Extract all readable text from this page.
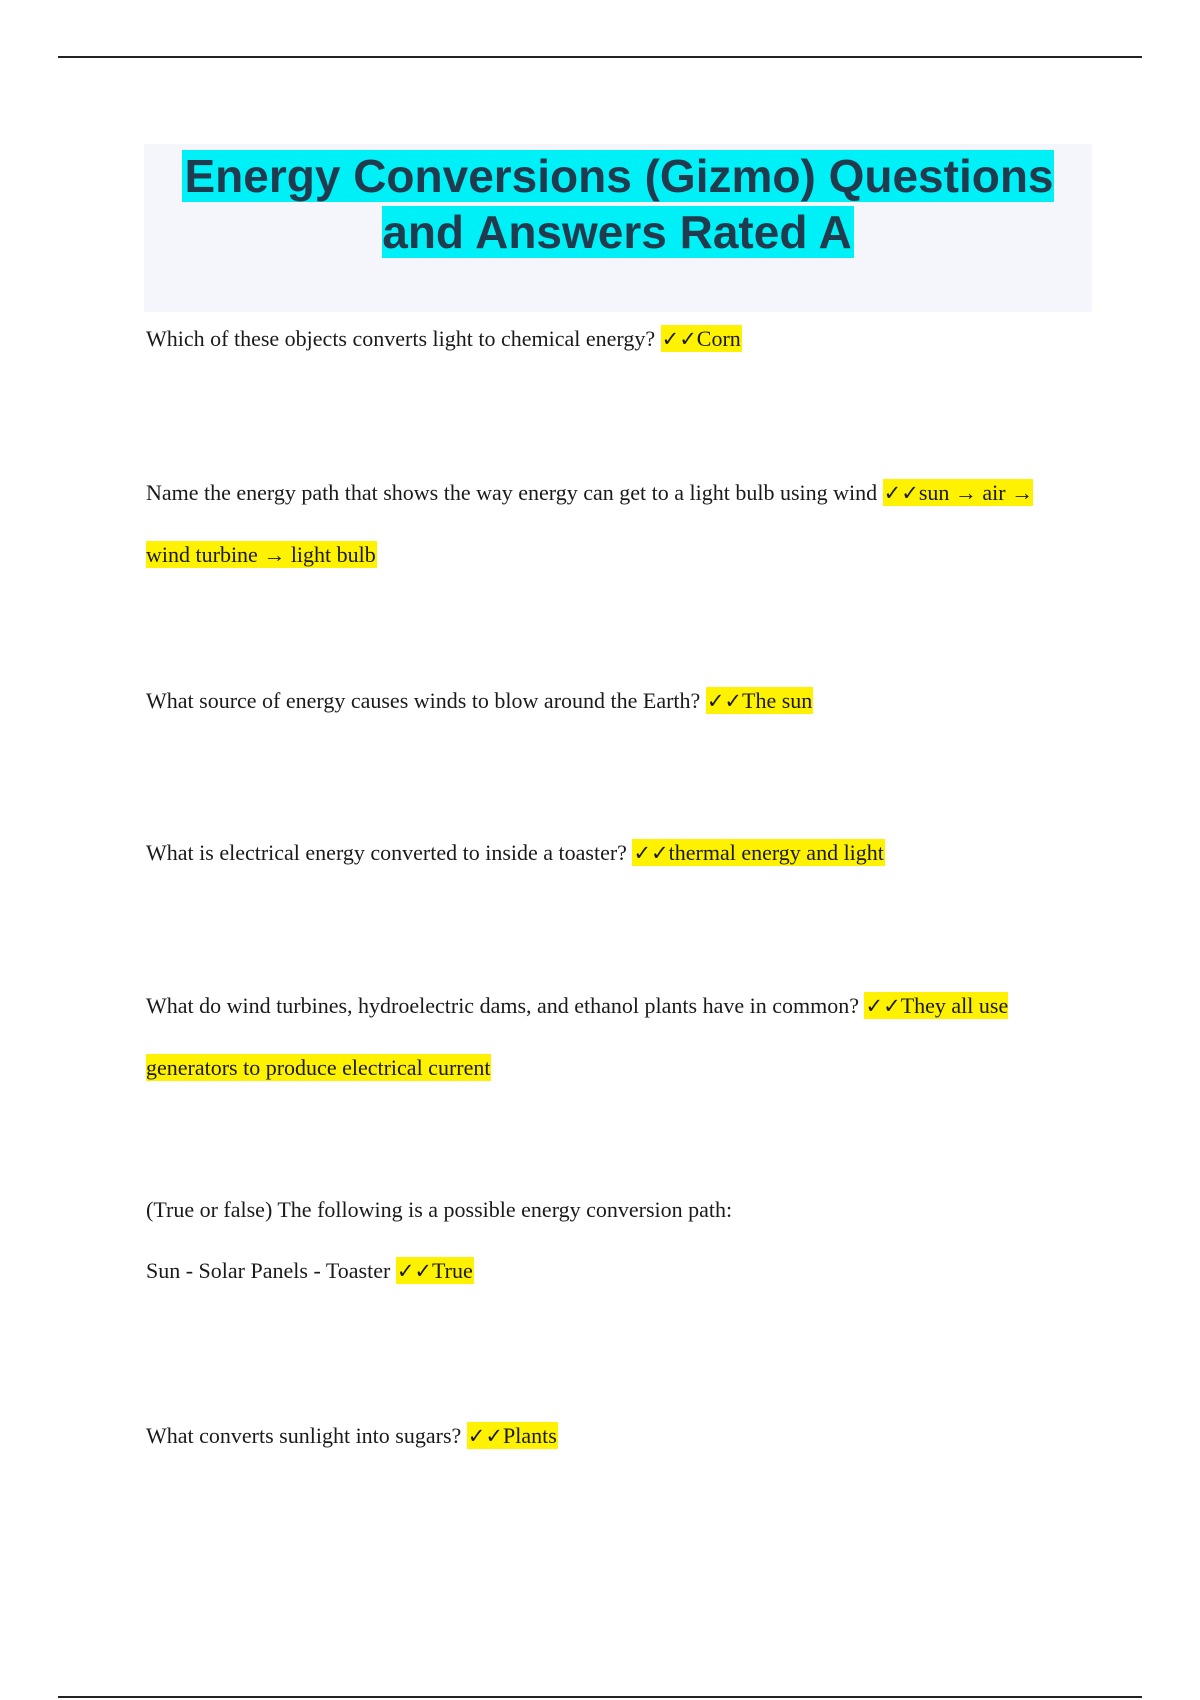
Energy Conversions (Gizmo) Questions and Answers Rated A

Which of these objects converts light to chemical energy? ✓✓Corn

Name the energy path that shows the way energy can get to a light bulb using wind ✓✓sun → air → wind turbine → light bulb

What source of energy causes winds to blow around the Earth? ✓✓The sun

What is electrical energy converted to inside a toaster? ✓✓thermal energy and light

What do wind turbines, hydroelectric dams, and ethanol plants have in common? ✓✓They all use generators to produce electrical current

(True or false) The following is a possible energy conversion path:
Sun - Solar Panels - Toaster ✓✓True

What converts sunlight into sugars? ✓✓Plants
